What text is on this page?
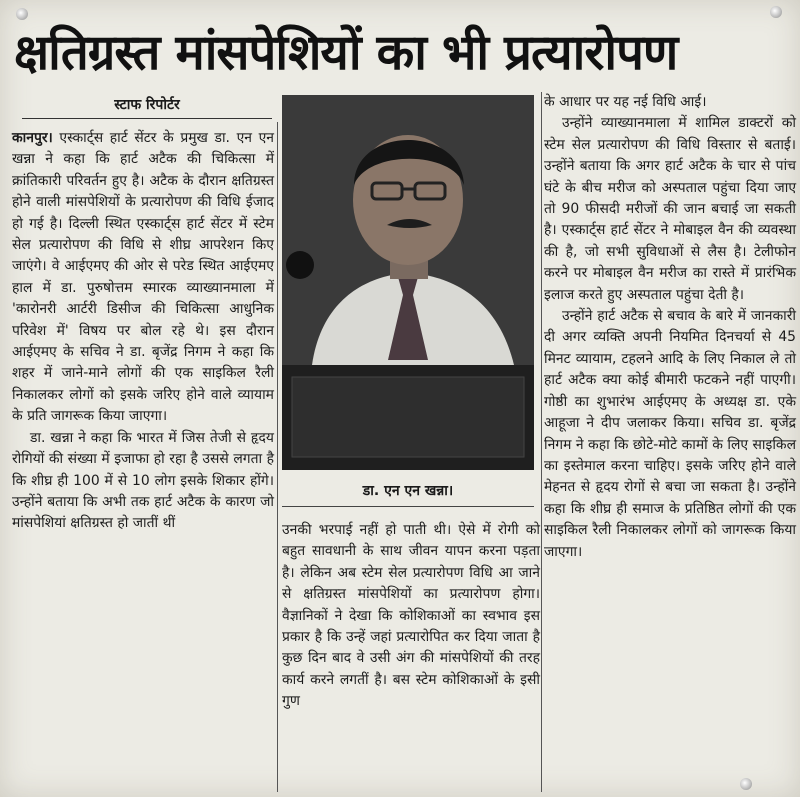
क्षतिग्रस्त मांसपेशियों का भी प्रत्यारोपण
स्टाफ रिपोर्टर

कानपुर। एस्कार्ट्स हार्ट सेंटर के प्रमुख डा. एन एन खन्ना ने कहा कि हार्ट अटैक की चिकित्सा में क्रांतिकारी परिवर्तन हुए है। अटैक के दौरान क्षतिग्रस्त होने वाली मांसपेशियों के प्रत्यारोपण की विधि ईजाद हो गई है। दिल्ली स्थित एस्कार्ट्स हार्ट सेंटर में स्टेम सेल प्रत्यारोपण की विधि से शीघ्र आपरेशन किए जाएंगे। वे आईएमए की ओर से परेड स्थित आईएमए हाल में डा. पुरुषोत्तम स्मारक व्याख्यानमाला में 'कारोनरी आर्टरी डिसीज की चिकित्सा आधुनिक परिवेश में' विषय पर बोल रहे थे। इस दौरान आईएमए के सचिव ने डा. बृजेंद्र निगम ने कहा कि शहर में जाने-माने लोगों की एक साइकिल रैली निकालकर लोगों को इसके जरिए होने वाले व्यायाम के प्रति जागरूक किया जाएगा।

डा. खन्ना ने कहा कि भारत में जिस तेजी से हृदय रोगियों की संख्या में इजाफा हो रहा है उससे लगता है कि शीघ्र ही 100 में से 10 लोग इसके शिकार होंगे। उन्होंने बताया कि अभी तक हार्ट अटैक के कारण जो मांसपेशियां क्षतिग्रस्त हो जातीं थीं

डा. एन एन खन्ना।

उनकी भरपाई नहीं हो पाती थी। ऐसे में रोगी को बहुत सावधानी के साथ जीवन यापन करना पड़ता है। लेकिन अब स्टेम सेल प्रत्यारोपण विधि आ जाने से क्षतिग्रस्त मांसपेशियों का प्रत्यारोपण होगा। वैज्ञानिकों ने देखा कि कोशिकाओं का स्वभाव इस प्रकार है कि उन्हें जहां प्रत्यारोपित कर दिया जाता है कुछ दिन बाद वे उसी अंग की मांसपेशियों की तरह कार्य करने लगतीं है। बस स्टेम कोशिकाओं के इसी गुण

के आधार पर यह नई विधि आई।

उन्होंने व्याख्यानमाला में शामिल डाक्टरों को स्टेम सेल प्रत्यारोपण की विधि विस्तार से बताई। उन्होंने बताया कि अगर हार्ट अटैक के चार से पांच घंटे के बीच मरीज को अस्पताल पहुंचा दिया जाए तो 90 फीसदी मरीजों की जान बचाई जा सकती है। एस्कार्ट्स हार्ट सेंटर ने मोबाइल वैन की व्यवस्था की है, जो सभी सुविधाओं से लैस है। टेलीफोन करने पर मोबाइल वैन मरीज का रास्ते में प्रारंभिक इलाज करते हुए अस्पताल पहुंचा देती है।

उन्होंने हार्ट अटैक से बचाव के बारे में जानकारी दी अगर व्यक्ति अपनी नियमित दिनचर्या से 45 मिनट व्यायाम, टहलने आदि के लिए निकाल ले तो हार्ट अटैक क्या कोई बीमारी फटकने नहीं पाएगी। गोष्ठी का शुभारंभ आईएमए के अध्यक्ष डा. एके आहूजा ने दीप जलाकर किया। सचिव डा. बृजेंद्र निगम ने कहा कि छोटे-मोटे कामों के लिए साइकिल का इस्तेमाल करना चाहिए। इसके जरिए होने वाले मेहनत से हृदय रोगों से बचा जा सकता है। उन्होंने कहा कि शीघ्र ही समाज के प्रतिष्ठित लोगों की एक साइकिल रैली निकालकर लोगों को जागरूक किया जाएगा।
